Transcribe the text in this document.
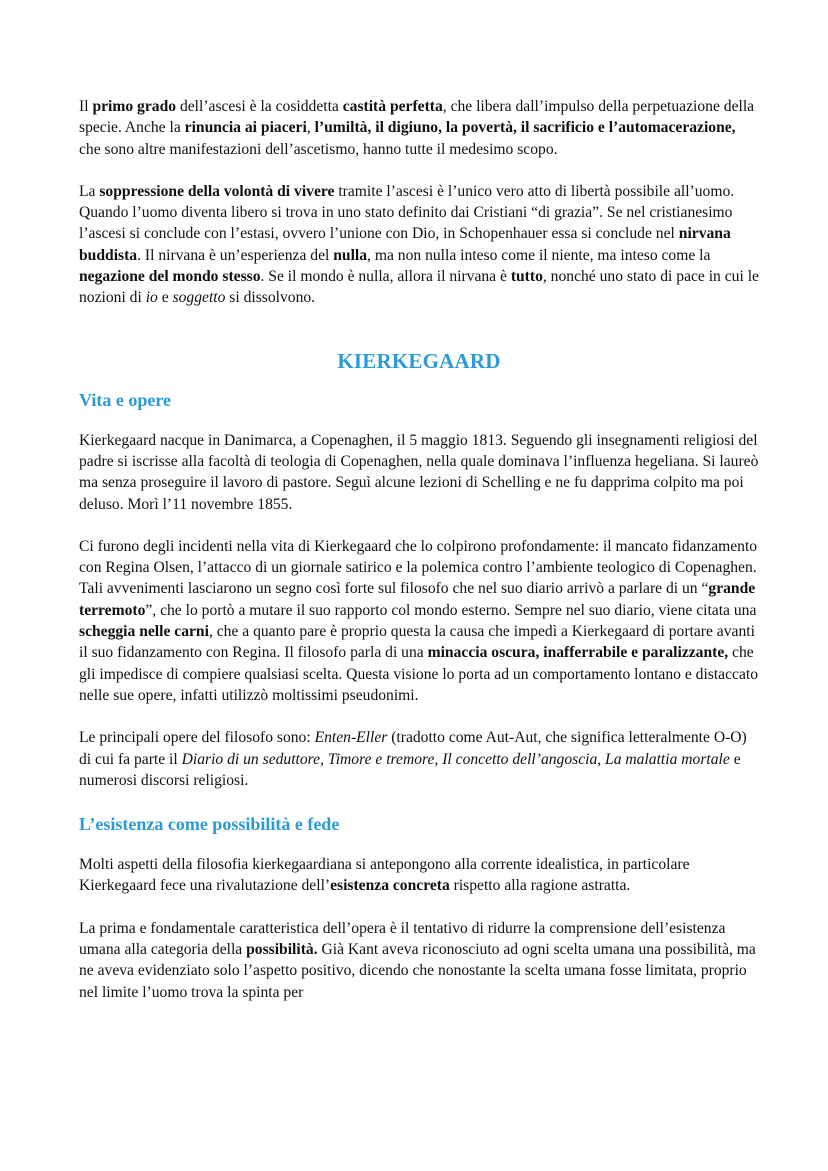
Il primo grado dell’ascesi è la cosiddetta castità perfetta, che libera dall’impulso della perpetuazione della specie. Anche la rinuncia ai piaceri, l’umiltà, il digiuno, la povertà, il sacrificio e l’automacerazione, che sono altre manifestazioni dell’ascetismo, hanno tutte il medesimo scopo.

La soppressione della volontà di vivere tramite l’ascesi è l’unico vero atto di libertà possibile all’uomo. Quando l’uomo diventa libero si trova in uno stato definito dai Cristiani “di grazia”. Se nel cristianesimo l’ascesi si conclude con l’estasi, ovvero l’unione con Dio, in Schopenhauer essa si conclude nel nirvana buddista. Il nirvana è un’esperienza del nulla, ma non nulla inteso come il niente, ma inteso come la negazione del mondo stesso. Se il mondo è nulla, allora il nirvana è tutto, nonché uno stato di pace in cui le nozioni di io e soggetto si dissolvono.

KIERKEGAARD
Vita e opere

Kierkegaard nacque in Danimarca, a Copenaghen, il 5 maggio 1813. Seguendo gli insegnamenti religiosi del padre si iscrisse alla facoltà di teologia di Copenaghen, nella quale dominava l’influenza hegeliana. Si laureò ma senza proseguire il lavoro di pastore. Seguì alcune lezioni di Schelling e ne fu dapprima colpito ma poi deluso. Morì l’11 novembre 1855.

Ci furono degli incidenti nella vita di Kierkegaard che lo colpirono profondamente: il mancato fidanzamento con Regina Olsen, l’attacco di un giornale satirico e la polemica contro l’ambiente teologico di Copenaghen. Tali avvenimenti lasciarono un segno così forte sul filosofo che nel suo diario arrivò a parlare di un “grande terremoto”, che lo portò a mutare il suo rapporto col mondo esterno. Sempre nel suo diario, viene citata una scheggia nelle carni, che a quanto pare è proprio questa la causa che impedì a Kierkegaard di portare avanti il suo fidanzamento con Regina. Il filosofo parla di una minaccia oscura, inafferrabile e paralizzante, che gli impedisce di compiere qualsiasi scelta. Questa visione lo porta ad un comportamento lontano e distaccato nelle sue opere, infatti utilizzò moltissimi pseudonimi.

Le principali opere del filosofo sono: Enten-Eller (tradotto come Aut-Aut, che significa letteralmente O-O) di cui fa parte il Diario di un seduttore, Timore e tremore, Il concetto dell’angoscia, La malattia mortale e numerosi discorsi religiosi.

L’esistenza come possibilità e fede

Molti aspetti della filosofia kierkegaardiana si antepongono alla corrente idealistica, in particolare Kierkegaard fece una rivalutazione dell’esistenza concreta rispetto alla ragione astratta.

La prima e fondamentale caratteristica dell’opera è il tentativo di ridurre la comprensione dell’esistenza umana alla categoria della possibilità. Già Kant aveva riconosciuto ad ogni scelta umana una possibilità, ma ne aveva evidenziato solo l’aspetto positivo, dicendo che nonostante la scelta umana fosse limitata, proprio nel limite l’uomo trova la spinta per
